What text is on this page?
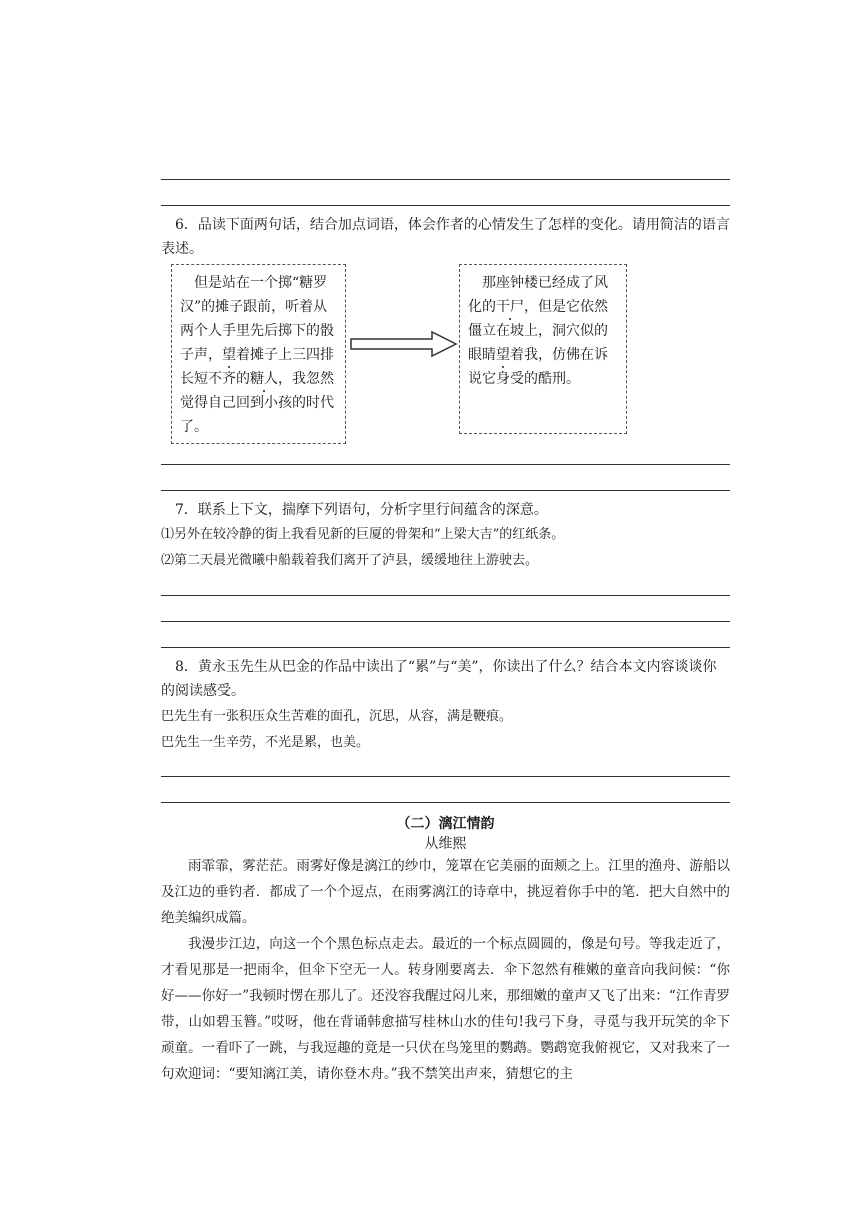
6．品读下面两句话，结合加点词语，体会作者的心情发生了怎样的变化。请用简洁的语言表述。
但是站在一个掷“糖罗汉”的摊子跟前，听着从两个人手里先后掷下的骰子声，望着摊子上三四排长短不齐的糖人，我忽然觉得自己回到小孩的时代了。
那座钟楼已经成了风化的干尸，但是它依然僵立在坡上，洞穴似的眼睛望着我，仿佛在诉说它身受的酷刑。
7．联系上下文，揣摩下列语句，分析字里行间蕴含的深意。
⑴另外在较冷静的街上我看见新的巨厦的骨架和“上梁大吉”的红纸条。
⑵第二天晨光微曦中船载着我们离开了泸县，缓缓地往上游驶去。
8．黄永玉先生从巴金的作品中读出了“累”与“美”，你读出了什么？结合本文内容谈谈你的阅读感受。
巴先生有一张积压众生苦难的面孔，沉思，从容，满是鞭痕。
巴先生一生辛劳，不光是累，也美。
（二）漓江情韵
从维熙
雨霏霏，雾茫茫。雨雾好像是漓江的纱巾，笼罩在它美丽的面颊之上。江里的渔舟、游船以及江边的垂钓者．都成了一个个逗点，在雨雾漓江的诗章中，挑逗着你手中的笔．把大自然中的绝美编织成篇。
我漫步江边，向这一个个黑色标点走去。最近的一个标点圆圆的，像是句号。等我走近了，才看见那是一把雨伞，但伞下空无一人。转身刚要离去．伞下忽然有稚嫩的童音向我问候：“你好——你好一”我顿时愣在那儿了。还没容我醒过闷儿来，那细嫩的童声又飞了出来：“江作青罗带，山如碧玉簪。”哎呀，他在背诵韩愈描写桂林山水的佳句!我弓下身，寻觅与我开玩笑的伞下顽童。一看吓了一跳，与我逗趣的竟是一只伏在鸟笼里的鹦鹉。鹦鹉宽我俯视它，又对我来了一句欢迎词：“要知漓江美，请你登木舟。”我不禁笑出声来，猜想它的主
